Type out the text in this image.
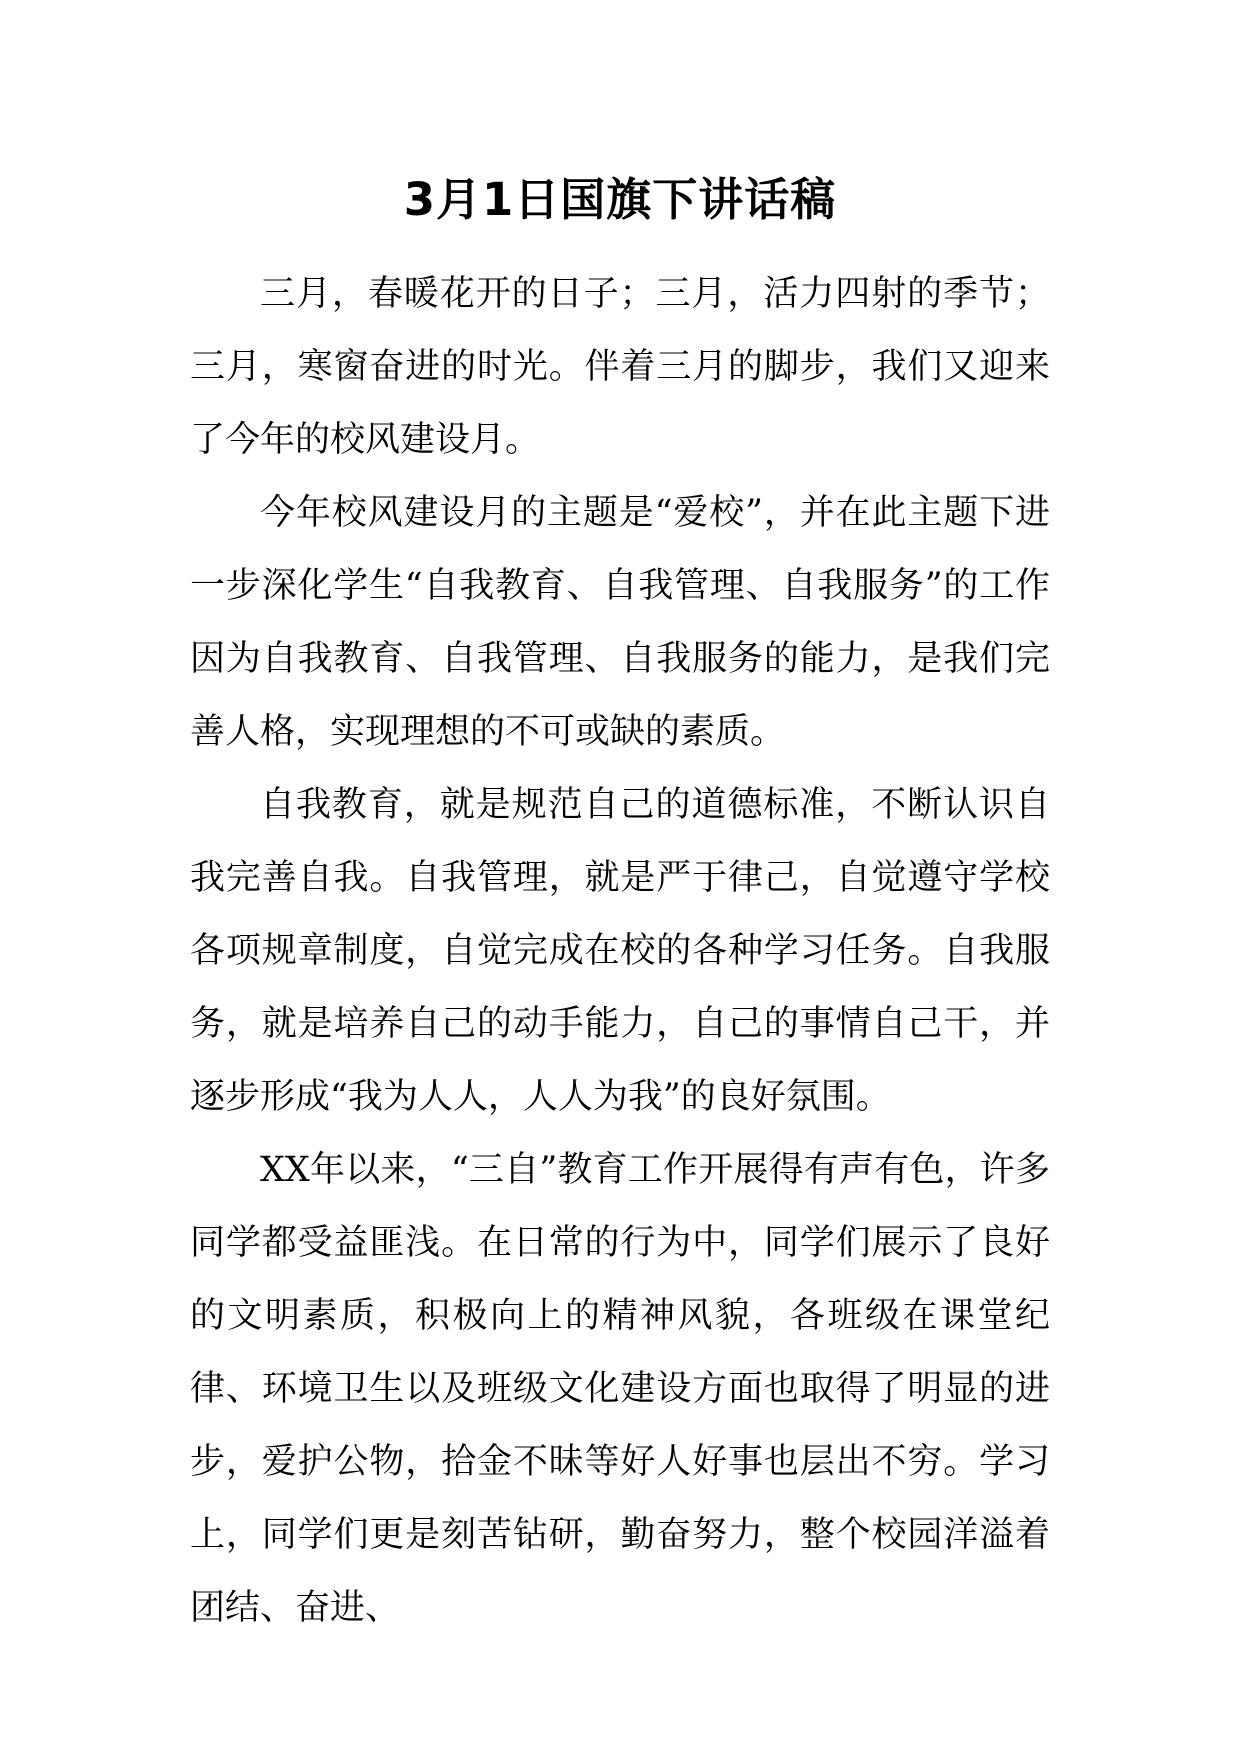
3月1日国旗下讲话稿

三月，春暖花开的日子；三月，活力四射的季节；三月，寒窗奋进的时光。伴着三月的脚步，我们又迎来了今年的校风建设月。

今年校风建设月的主题是“爱校”，并在此主题下进一步深化学生“自我教育、自我管理、自我服务”的工作因为自我教育、自我管理、自我服务的能力，是我们完善人格，实现理想的不可或缺的素质。

自我教育，就是规范自己的道德标准，不断认识自我完善自我。自我管理，就是严于律己，自觉遵守学校各项规章制度，自觉完成在校的各种学习任务。自我服务，就是培养自己的动手能力，自己的事情自己干，并逐步形成“我为人人，人人为我”的良好氛围。

XX年以来，“三自”教育工作开展得有声有色，许多同学都受益匪浅。在日常的行为中，同学们展示了良好的文明素质，积极向上的精神风貌，各班级在课堂纪律、环境卫生以及班级文化建设方面也取得了明显的进步，爱护公物，拾金不昧等好人好事也层出不穷。学习上，同学们更是刻苦钻研，勤奋努力，整个校园洋溢着团结、奋进、
